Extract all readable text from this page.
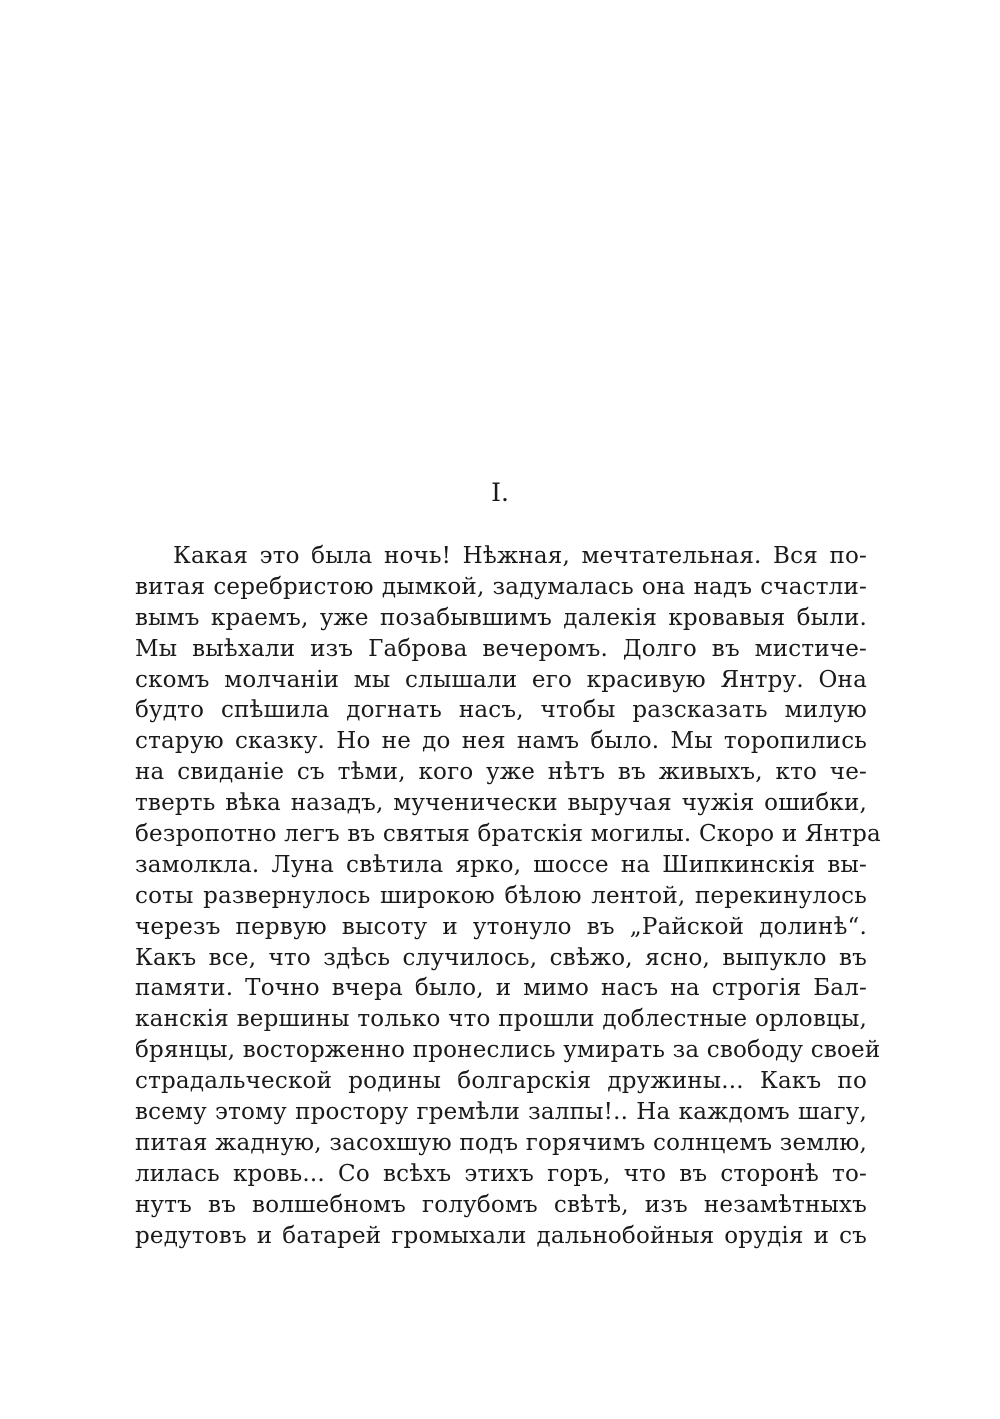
I.
Какая это была ночь! Нѣжная, мечтательная. Вся по-
витая серебристою дымкой, задумалась она надъ счастли-
вымъ краемъ, уже позабывшимъ далекія кровавыя были.
Мы выѣхали изъ Габрова вечеромъ. Долго въ мистиче-
скомъ молчаніи мы слышали его красивую Янтру. Она
будто спѣшила догнать насъ, чтобы разсказать милую
старую сказку. Но не до нея намъ было. Мы торопились
на свиданіе съ тѣми, кого уже нѣтъ въ живыхъ, кто че-
тверть вѣка назадъ, мученически выручая чужія ошибки,
безропотно легъ въ святыя братскія могилы. Скоро и Янтра
замолкла. Луна свѣтила ярко, шоссе на Шипкинскія вы-
соты развернулось широкою бѣлою лентой, перекинулось
черезъ первую высоту и утонуло въ „Райской долинѣ“.
Какъ все, что здѣсь случилось, свѣжо, ясно, выпукло въ
памяти. Точно вчера было, и мимо насъ на строгія Бал-
канскія вершины только что прошли доблестные орловцы,
брянцы, восторженно пронеслись умирать за свободу своей
страдальческой родины болгарскія дружины... Какъ по
всему этому простору гремѣли залпы!.. На каждомъ шагу,
питая жадную, засохшую подъ горячимъ солнцемъ землю,
лилась кровь... Со всѣхъ этихъ горъ, что въ сторонѣ то-
нутъ въ волшебномъ голубомъ свѣтѣ, изъ незамѣтныхъ
редутовъ и батарей громыхали дальнобойныя орудія и съ
